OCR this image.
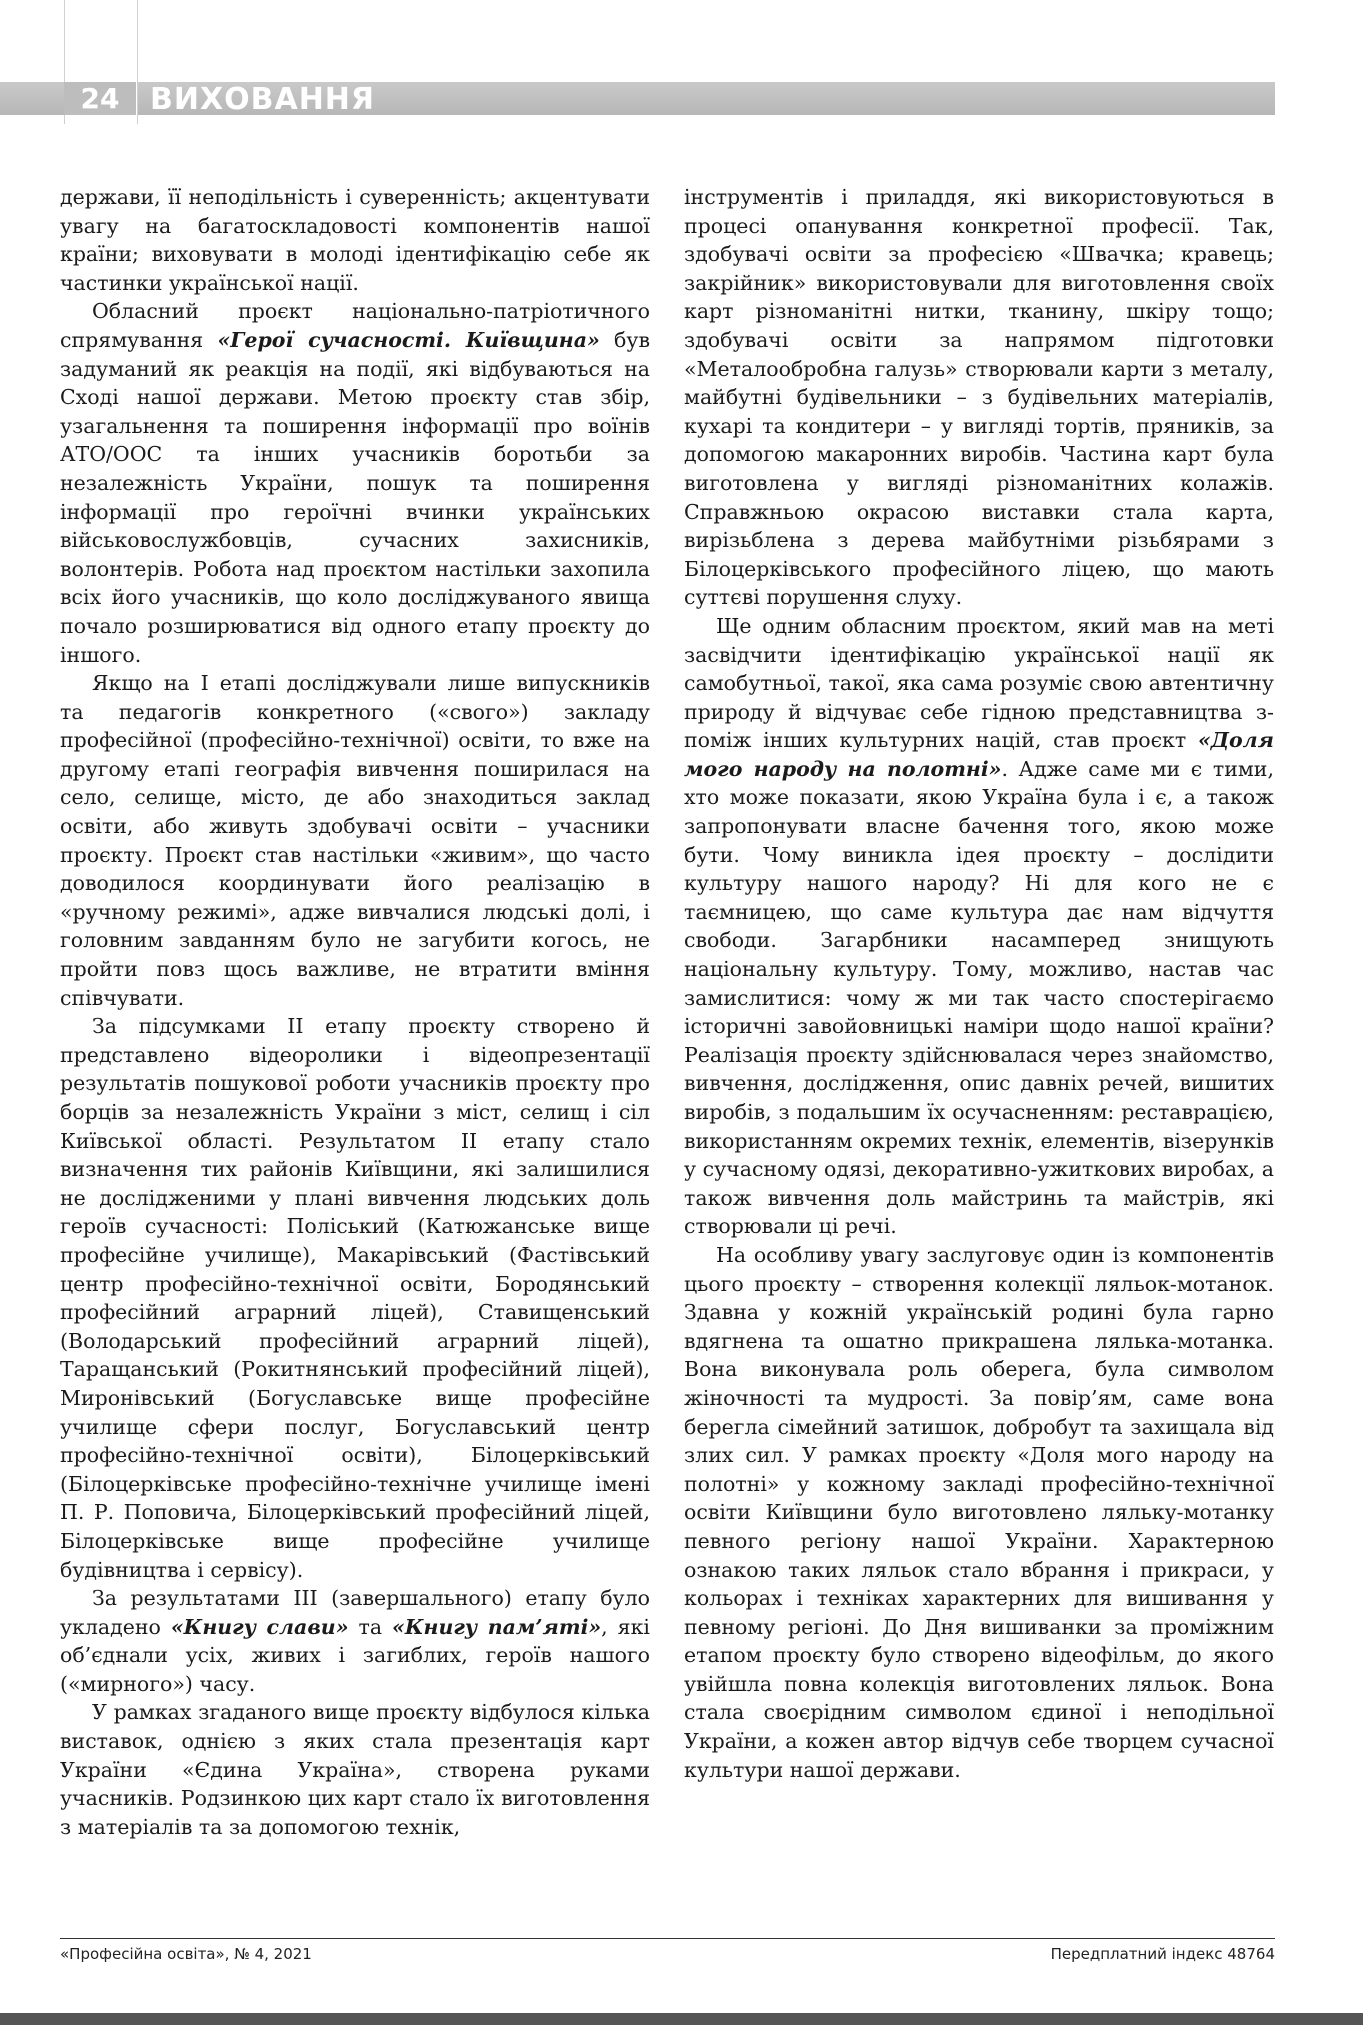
24	ВИХОВАННЯ

держави, її неподільність і суверенність; акцентувати увагу на багатоскладовості компонентів нашої країни; виховувати в молоді ідентифікацію себе як частинки української нації.

Обласний проєкт національно-патріотичного спрямування «Герої сучасності. Київщина» був задуманий як реакція на події, які відбуваються на Сході нашої держави. Метою проєкту став збір, узагальнення та поширення інформації про воїнів АТО/ООС та інших учасників боротьби за незалежність України, пошук та поширення інформації про героїчні вчинки українських військовослужбовців, сучасних захисників, волонтерів. Робота над проєктом настільки захопила всіх його учасників, що коло досліджуваного явища почало розширюватися від одного етапу проєкту до іншого.

Якщо на I етапі досліджували лише випускників та педагогів конкретного («свого») закладу професійної (професійно-технічної) освіти, то вже на другому етапі географія вивчення поширилася на село, селище, місто, де або знаходиться заклад освіти, або живуть здобувачі освіти – учасники проєкту. Проєкт став настільки «живим», що часто доводилося координувати його реалізацію в «ручному режимі», адже вивчалися людські долі, і головним завданням було не загубити когось, не пройти повз щось важливе, не втратити вміння співчувати.

За підсумками II етапу проєкту створено й представлено відеоролики і відеопрезентації результатів пошукової роботи учасників проєкту про борців за незалежність України з міст, селищ і сіл Київської області. Результатом II етапу стало визначення тих районів Київщини, які залишилися не дослідженими у плані вивчення людських доль героїв сучасності: Поліський (Катюжанське вище професійне училище), Макарівський (Фастівський центр професійно-технічної освіти, Бородянський професійний аграрний ліцей), Ставищенський (Володарський професійний аграрний ліцей), Таращанський (Рокитнянський професійний ліцей), Миронівський (Богуславське вище професійне училище сфери послуг, Богуславський центр професійно-технічної освіти), Білоцерківський (Білоцерківське професійно-технічне училище імені П. Р. Поповича, Білоцерківський професійний ліцей, Білоцерківське вище професійне училище будівництва і сервісу).

За результатами III (завершального) етапу було укладено «Книгу слави» та «Книгу пам’яті», які об’єднали усіх, живих і загиблих, героїв нашого («мирного») часу.

У рамках згаданого вище проєкту відбулося кілька виставок, однією з яких стала презентація карт України «Єдина Україна», створена руками учасників. Родзинкою цих карт стало їх виготовлення з матеріалів та за допомогою технік,

інструментів і приладдя, які використовуються в процесі опанування конкретної професії. Так, здобувачі освіти за професією «Швачка; кравець; закрійник» використовували для виготовлення своїх карт різноманітні нитки, тканину, шкіру тощо; здобувачі освіти за напрямом підготовки «Металообробна галузь» створювали карти з металу, майбутні будівельники – з будівельних матеріалів, кухарі та кондитери – у вигляді тортів, пряників, за допомогою макаронних виробів. Частина карт була виготовлена у вигляді різноманітних колажів. Справжньою окрасою виставки стала карта, вирізьблена з дерева майбутніми різьбярами з Білоцерківського професійного ліцею, що мають суттєві порушення слуху.

Ще одним обласним проєктом, який мав на меті засвідчити ідентифікацію української нації як самобутньої, такої, яка сама розуміє свою автентичну природу й відчуває себе гідною представництва з-поміж інших культурних націй, став проєкт «Доля мого народу на полотні». Адже саме ми є тими, хто може показати, якою Україна була і є, а також запропонувати власне бачення того, якою може бути. Чому виникла ідея проєкту – дослідити культуру нашого народу? Ні для кого не є таємницею, що саме культура дає нам відчуття свободи. Загарбники насамперед знищують національну культуру. Тому, можливо, настав час замислитися: чому ж ми так часто спостерігаємо історичні завойовницькі наміри щодо нашої країни? Реалізація проєкту здійснювалася через знайомство, вивчення, дослідження, опис давніх речей, вишитих виробів, з подальшим їх осучасненням: реставрацією, використанням окремих технік, елементів, візерунків у сучасному одязі, декоративно-ужиткових виробах, а також вивчення доль майстринь та майстрів, які створювали ці речі.

На особливу увагу заслуговує один із компонентів цього проєкту – створення колекції ляльок-мотанок. Здавна у кожній українській родині була гарно вдягнена та ошатно прикрашена лялька-мотанка. Вона виконувала роль оберега, була символом жіночності та мудрості. За повір’ям, саме вона берегла сімейний затишок, добробут та захищала від злих сил. У рамках проєкту «Доля мого народу на полотні» у кожному закладі професійно-технічної освіти Київщини було виготовлено ляльку-мотанку певного регіону нашої України. Характерною ознакою таких ляльок стало вбрання і прикраси, у кольорах і техніках характерних для вишивання у певному регіоні. До Дня вишиванки за проміжним етапом проєкту було створено відеофільм, до якого увійшла повна колекція виготовлених ляльок. Вона стала своєрідним символом єдиної і неподільної України, а кожен автор відчув себе творцем сучасної культури нашої держави.

«Професійна освіта», № 4, 2021	Передплатний індекс 48764
